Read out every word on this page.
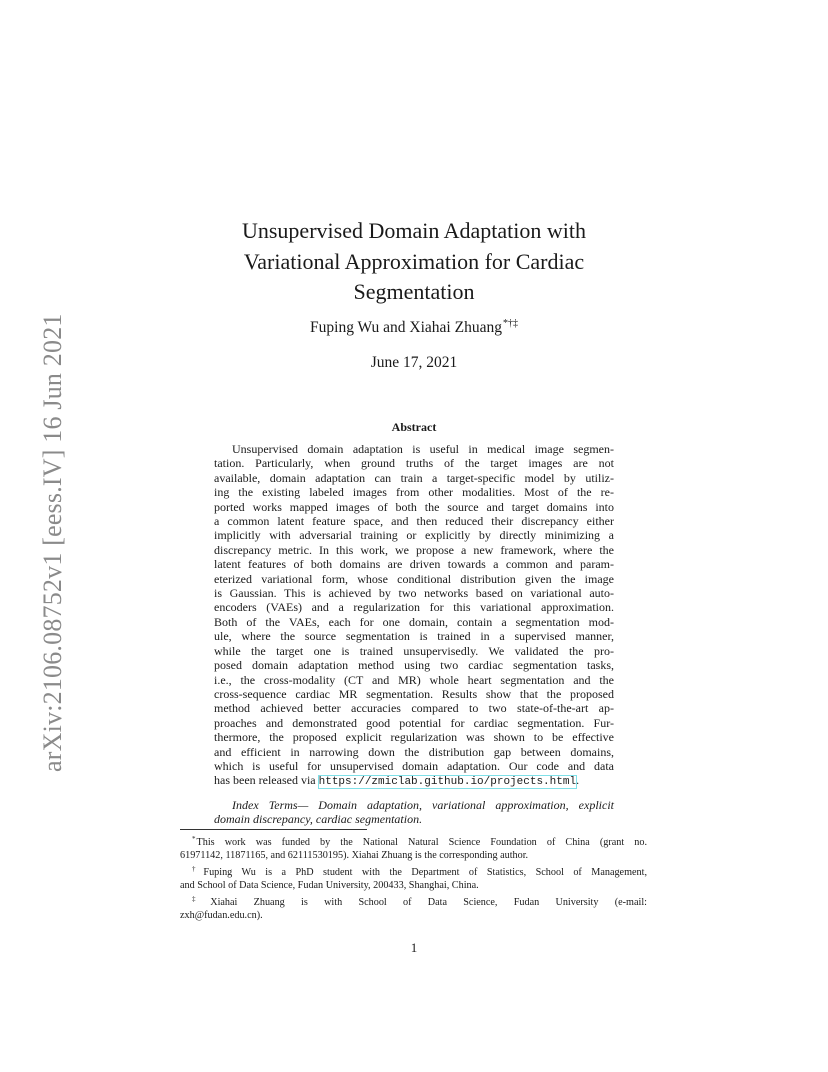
arXiv:2106.08752v1 [eess.IV] 16 Jun 2021
Unsupervised Domain Adaptation with
Variational Approximation for Cardiac
Segmentation
Fuping Wu and Xiahai Zhuang*†‡
June 17, 2021
Abstract
Unsupervised domain adaptation is useful in medical image segmen-
tation. Particularly, when ground truths of the target images are not
available, domain adaptation can train a target-specific model by utiliz-
ing the existing labeled images from other modalities. Most of the re-
ported works mapped images of both the source and target domains into
a common latent feature space, and then reduced their discrepancy either
implicitly with adversarial training or explicitly by directly minimizing a
discrepancy metric. In this work, we propose a new framework, where the
latent features of both domains are driven towards a common and param-
eterized variational form, whose conditional distribution given the image
is Gaussian. This is achieved by two networks based on variational auto-
encoders (VAEs) and a regularization for this variational approximation.
Both of the VAEs, each for one domain, contain a segmentation mod-
ule, where the source segmentation is trained in a supervised manner,
while the target one is trained unsupervisedly. We validated the pro-
posed domain adaptation method using two cardiac segmentation tasks,
i.e., the cross-modality (CT and MR) whole heart segmentation and the
cross-sequence cardiac MR segmentation. Results show that the proposed
method achieved better accuracies compared to two state-of-the-art ap-
proaches and demonstrated good potential for cardiac segmentation. Fur-
thermore, the proposed explicit regularization was shown to be effective
and efficient in narrowing down the distribution gap between domains,
which is useful for unsupervised domain adaptation. Our code and data
has been released via https://zmiclab.github.io/projects.html.
Index Terms— Domain adaptation, variational approximation, explicit
domain discrepancy, cardiac segmentation.
*This work was funded by the National Natural Science Foundation of China (grant no.
61971142, 11871165, and 62111530195). Xiahai Zhuang is the corresponding author.
†Fuping Wu is a PhD student with the Department of Statistics, School of Management,
and School of Data Science, Fudan University, 200433, Shanghai, China.
‡Xiahai Zhuang is with School of Data Science, Fudan University (e-mail:
zxh@fudan.edu.cn).
1
